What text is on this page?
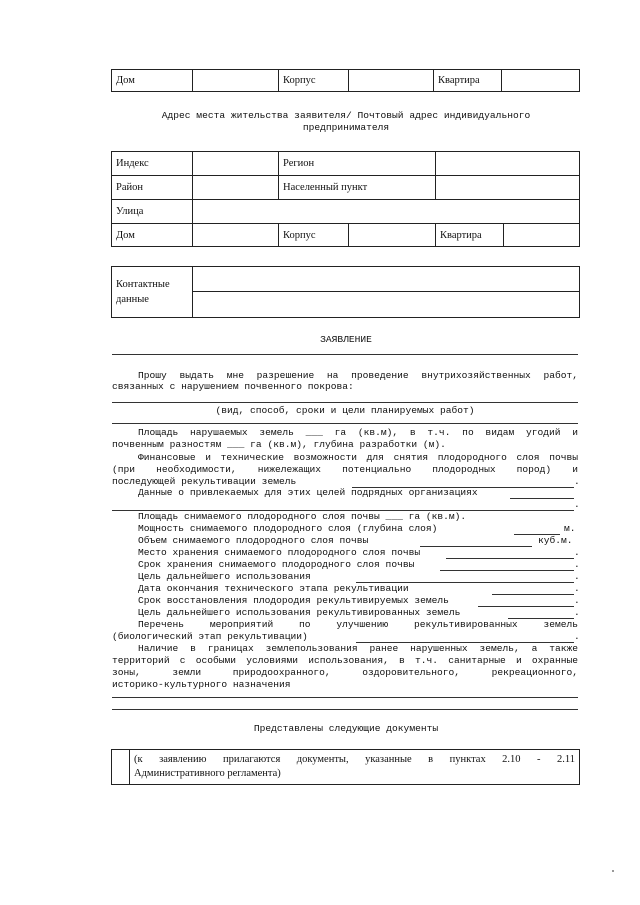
Дом		Корпус		Квартира	
Адрес места жительства заявителя/ Почтовый адрес индивидуального
предпринимателя
Индекс		Регион			
Район		Населенный пункт			
Улица					
Дом		Корпус		Квартира	
Контактные
данные

ЗАЯВЛЕНИЕ
Прошу выдать мне разрешение на проведение внутрихозяйственных работ,
связанных с нарушением почвенного покрова:
(вид, способ, сроки и цели планируемых работ)
Площадь нарушаемых земель ___ га (кв.м), в т.ч. по видам угодий и
почвенным разностям ___ га (кв.м), глубина разработки (м).
Финансовые и технические возможности для снятия плодородного слоя почвы
(при необходимости, нижележащих потенциально плодородных пород) и
последующей рекультивации земель	.
Данные о привлекаемых для этих целей подрядных организациях
.
Площадь снимаемого плодородного слоя почвы ___ га (кв.м).
Мощность снимаемого плодородного слоя (глубина слоя)	м.
Объем снимаемого плодородного слоя почвы	куб.м.
Место хранения снимаемого плодородного слоя почвы	.
Срок хранения снимаемого плодородного слоя почвы	.
Цель дальнейшего использования	.
Дата окончания технического этапа рекультивации	.
Срок восстановления плодородия рекультивируемых земель	.
Цель дальнейшего использования рекультивированных земель	.
Перечень мероприятий по улучшению рекультивированных земель
(биологический этап рекультивации)	.
Наличие в границах землепользования ранее нарушенных земель, а также
территорий с особыми условиями использования, в т.ч. санитарные и охранные
зоны, земли природоохранного, оздоровительного, рекреационного,
историко-культурного назначения
Представлены следующие документы

(к заявлению прилагаются документы, указанные в пунктах 2.10 - 2.11
Административного регламента)
